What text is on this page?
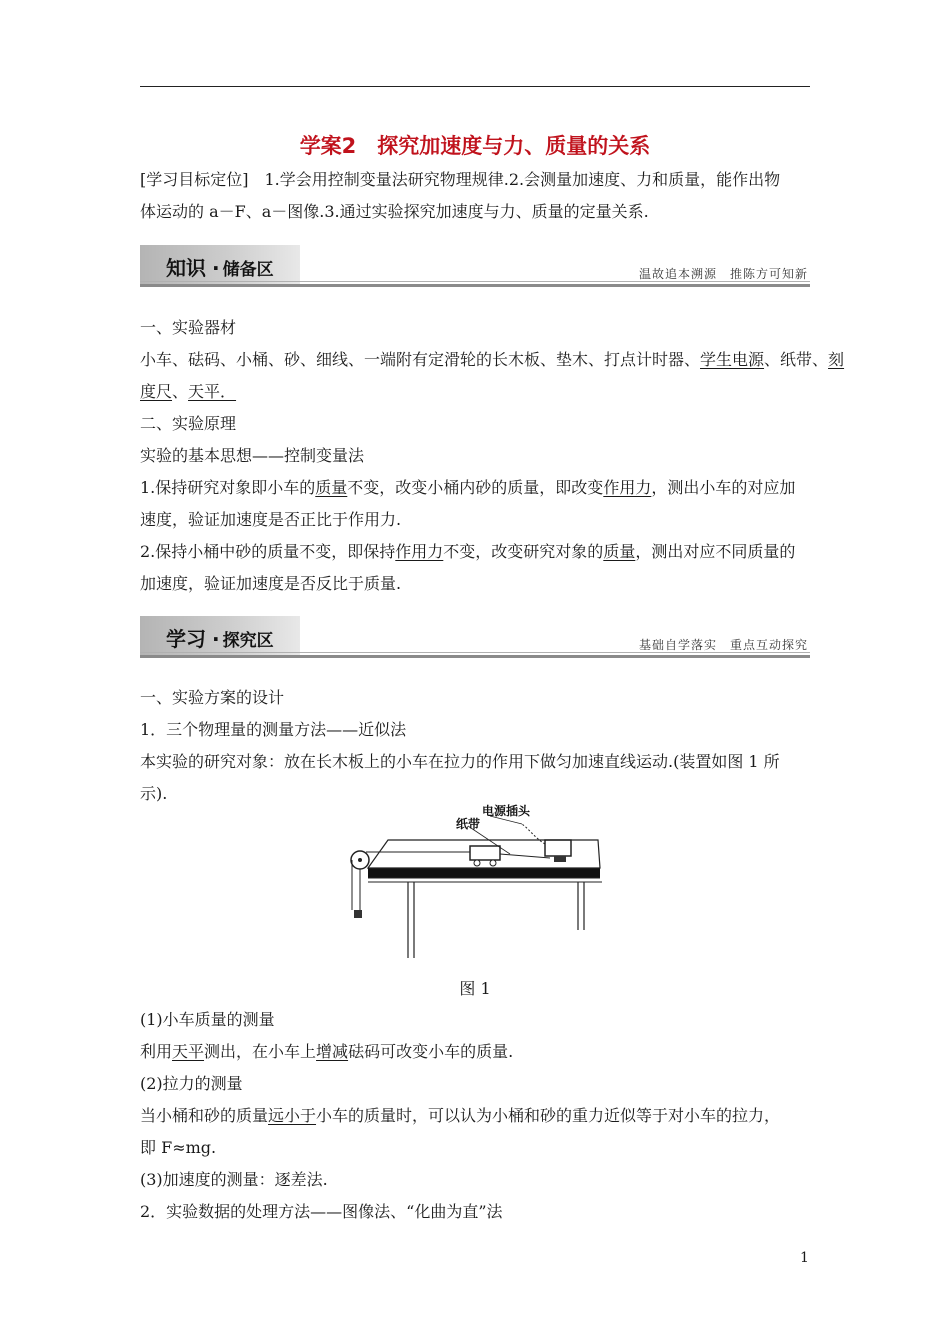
学案2　探究加速度与力、质量的关系
[学习目标定位]　1.学会用控制变量法研究物理规律.2.会测量加速度、力和质量，能作出物
体运动的 a－F、a－图像.3.通过实验探究加速度与力、质量的定量关系.
知识 · 储备区	温故追本溯源　推陈方可知新
一、实验器材
小车、砝码、小桶、砂、细线、一端附有定滑轮的长木板、垫木、打点计时器、学生电源、纸带、刻
度尺、天平．
二、实验原理
实验的基本思想——控制变量法
1.保持研究对象即小车的质量不变，改变小桶内砂的质量，即改变作用力，测出小车的对应加
速度，验证加速度是否正比于作用力.
2.保持小桶中砂的质量不变，即保持作用力不变，改变研究对象的质量，测出对应不同质量的
加速度，验证加速度是否反比于质量.
学习 · 探究区	基础自学落实　重点互动探究
一、实验方案的设计
1．三个物理量的测量方法——近似法
本实验的研究对象：放在长木板上的小车在拉力的作用下做匀加速直线运动.(装置如图 1 所
示).
电源插头
纸带
图 1
(1)小车质量的测量
利用天平测出，在小车上增减砝码可改变小车的质量.
(2)拉力的测量
当小桶和砂的质量远小于小车的质量时，可以认为小桶和砂的重力近似等于对小车的拉力，
即 F≈mg.
(3)加速度的测量：逐差法.
2．实验数据的处理方法——图像法、“化曲为直”法
1
